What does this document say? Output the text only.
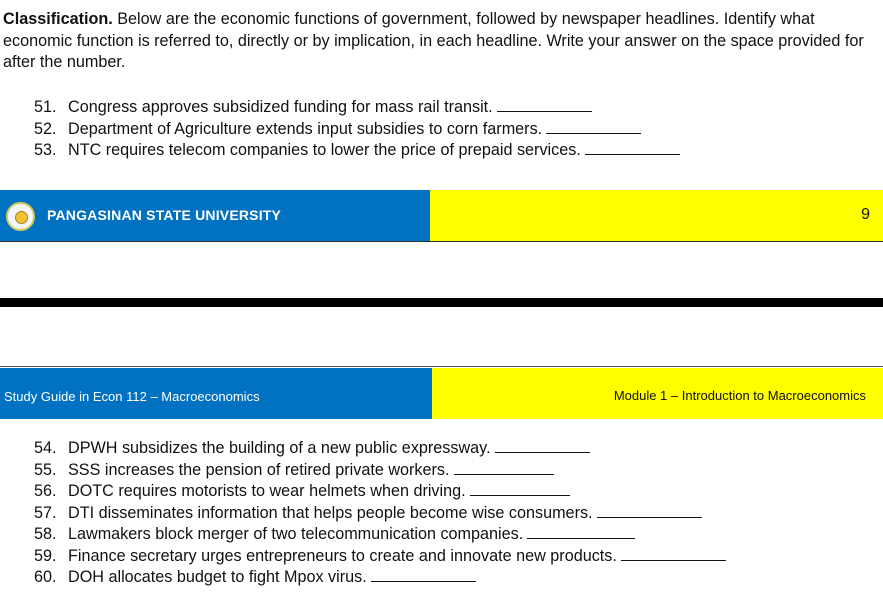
Classification. Below are the economic functions of government, followed by newspaper headlines. Identify what economic function is referred to, directly or by implication, in each headline. Write your answer on the space provided for after the number.

51. Congress approves subsidized funding for mass rail transit.
52. Department of Agriculture extends input subsidies to corn farmers.
53. NTC requires telecom companies to lower the price of prepaid services.
PANGASINAN STATE UNIVERSITY	9
Study Guide in Econ 112 – Macroeconomics	Module 1 – Introduction to Macroeconomics
54. DPWH subsidizes the building of a new public expressway.
55. SSS increases the pension of retired private workers.
56. DOTC requires motorists to wear helmets when driving.
57. DTI disseminates information that helps people become wise consumers.
58. Lawmakers block merger of two telecommunication companies.
59. Finance secretary urges entrepreneurs to create and innovate new products.
60. DOH allocates budget to fight Mpox virus.
